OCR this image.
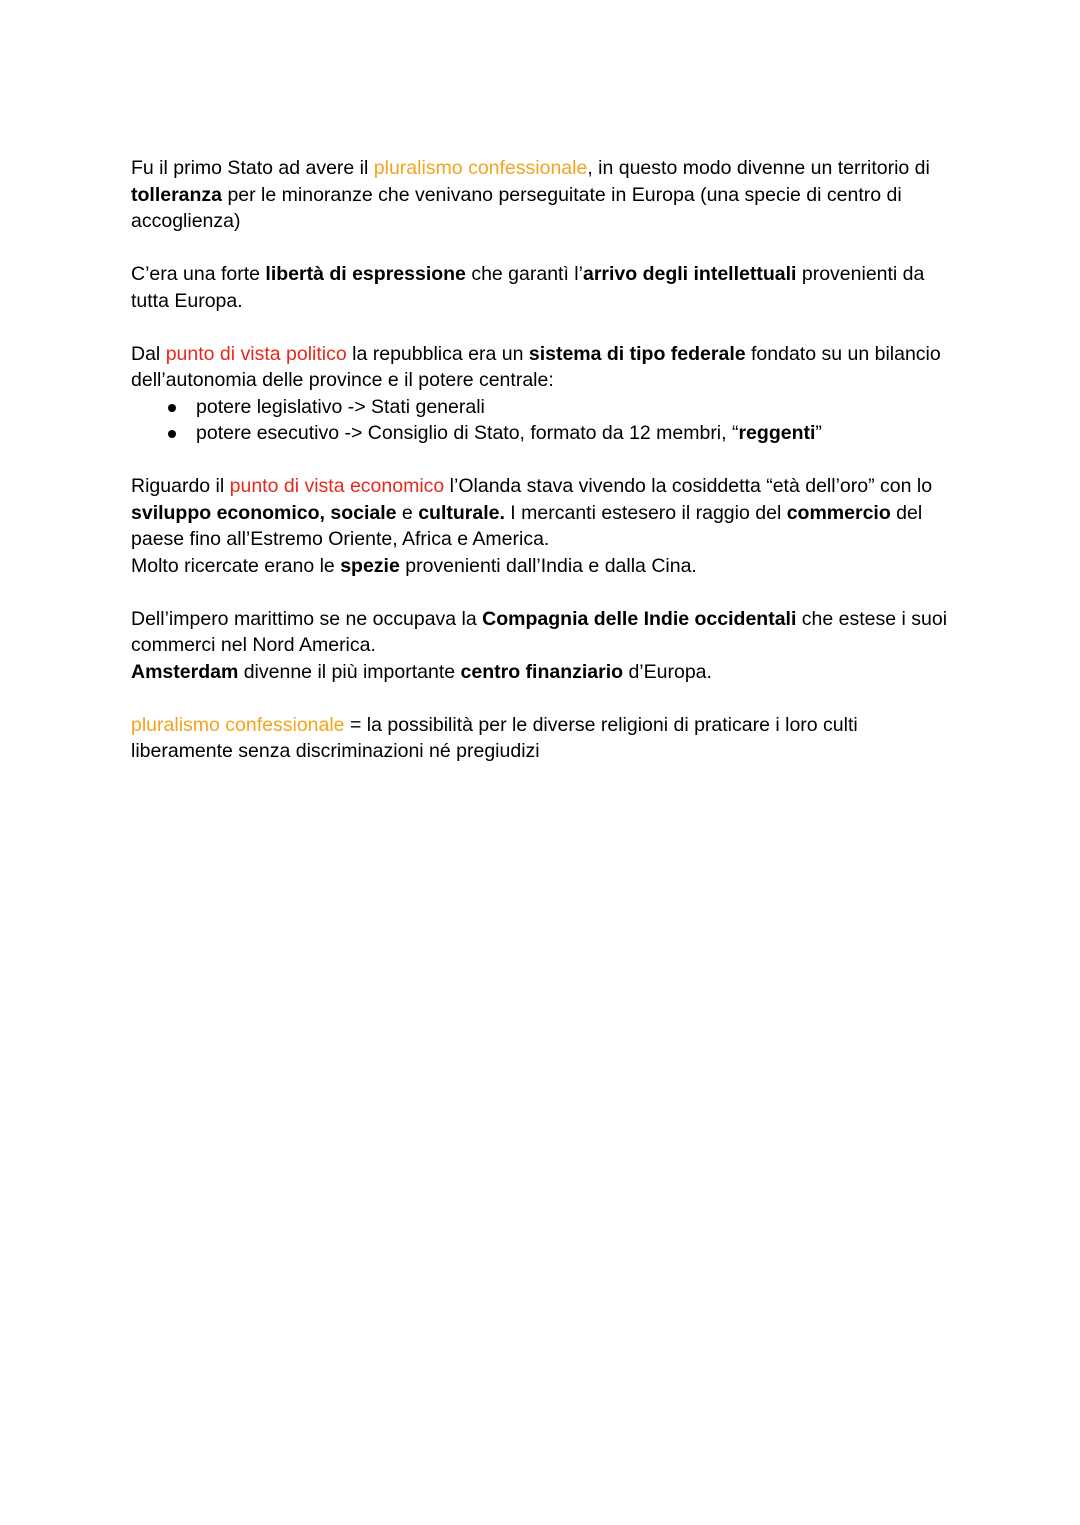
Fu il primo Stato ad avere il pluralismo confessionale, in questo modo divenne un territorio di tolleranza per le minoranze che venivano perseguitate in Europa (una specie di centro di accoglienza)

C’era una forte libertà di espressione che garantì l’arrivo degli intellettuali provenienti da tutta Europa.

Dal punto di vista politico la repubblica era un sistema di tipo federale fondato su un bilancio dell’autonomia delle province e il potere centrale:

potere legislativo -> Stati generali
potere esecutivo -> Consiglio di Stato, formato da 12 membri, “reggenti”

Riguardo il punto di vista economico l’Olanda stava vivendo la cosiddetta “età dell’oro” con lo sviluppo economico, sociale e culturale. I mercanti estesero il raggio del commercio del paese fino all’Estremo Oriente, Africa e America.

Molto ricercate erano le spezie provenienti dall’India e dalla Cina.

Dell’impero marittimo se ne occupava la Compagnia delle Indie occidentali che estese i suoi commerci nel Nord America.

Amsterdam divenne il più importante centro finanziario d’Europa.

pluralismo confessionale = la possibilità per le diverse religioni di praticare i loro culti liberamente senza discriminazioni né pregiudizi
